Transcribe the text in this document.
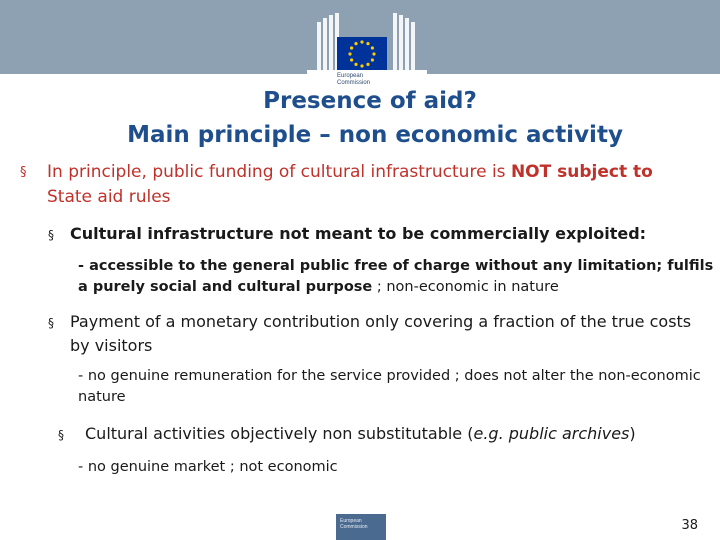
European
Commission
Presence of aid?
Main principle – non economic activity
§ In principle, public funding of cultural infrastructure is NOT subject to
State aid rules
§ Cultural infrastructure not meant to be commercially exploited:
- accessible to the general public free of charge without any limitation; fulfils a purely social and cultural purpose ; non-economic in nature
§ Payment of a monetary contribution only covering a fraction of the true costs by visitors
- no genuine remuneration for the service provided ; does not alter the non-economic nature
§ Cultural activities objectively non substitutable (e.g. public archives)
- no genuine market ; not economic
European Commission	38
